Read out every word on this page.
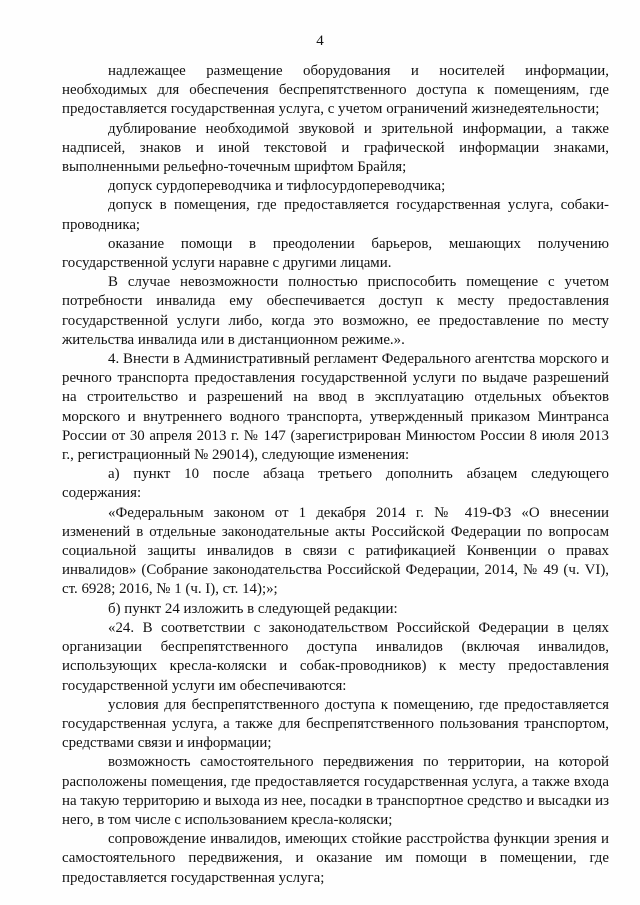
4

надлежащее размещение оборудования и носителей информации, необходимых для обеспечения беспрепятственного доступа к помещениям, где предоставляется государственная услуга, с учетом ограничений жизнедеятельности;

дублирование необходимой звуковой и зрительной информации, а также надписей, знаков и иной текстовой и графической информации знаками, выполненными рельефно-точечным шрифтом Брайля;

допуск сурдопереводчика и тифлосурдопереводчика;

допуск в помещения, где предоставляется государственная услуга, собаки-проводника;

оказание помощи в преодолении барьеров, мешающих получению государственной услуги наравне с другими лицами.

В случае невозможности полностью приспособить помещение с учетом потребности инвалида ему обеспечивается доступ к месту предоставления государственной услуги либо, когда это возможно, ее предоставление по месту жительства инвалида или в дистанционном режиме.».

4. Внести в Административный регламент Федерального агентства морского и речного транспорта предоставления государственной услуги по выдаче разрешений на строительство и разрешений на ввод в эксплуатацию отдельных объектов морского и внутреннего водного транспорта, утвержденный приказом Минтранса России от 30 апреля 2013 г. № 147 (зарегистрирован Минюстом России 8 июля 2013 г., регистрационный № 29014), следующие изменения:

а) пункт 10 после абзаца третьего дополнить абзацем следующего содержания:

«Федеральным законом от 1 декабря 2014 г. № 419-ФЗ «О внесении изменений в отдельные законодательные акты Российской Федерации по вопросам социальной защиты инвалидов в связи с ратификацией Конвенции о правах инвалидов» (Собрание законодательства Российской Федерации, 2014, № 49 (ч. VI), ст. 6928; 2016, № 1 (ч. I), ст. 14);»;

б) пункт 24 изложить в следующей редакции:

«24. В соответствии с законодательством Российской Федерации в целях организации беспрепятственного доступа инвалидов (включая инвалидов, использующих кресла-коляски и собак-проводников) к месту предоставления государственной услуги им обеспечиваются:

условия для беспрепятственного доступа к помещению, где предоставляется государственная услуга, а также для беспрепятственного пользования транспортом, средствами связи и информации;

возможность самостоятельного передвижения по территории, на которой расположены помещения, где предоставляется государственная услуга, а также входа на такую территорию и выхода из нее, посадки в транспортное средство и высадки из него, в том числе с использованием кресла-коляски;

сопровождение инвалидов, имеющих стойкие расстройства функции зрения и самостоятельного передвижения, и оказание им помощи в помещении, где предоставляется государственная услуга;
